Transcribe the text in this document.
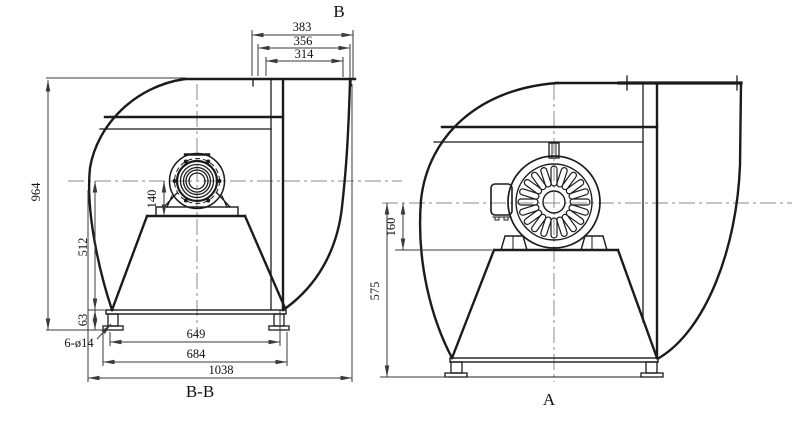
383
356
314
964
512
63
140
6-ø14
649
684
1038
B-B
B
160
575
A
